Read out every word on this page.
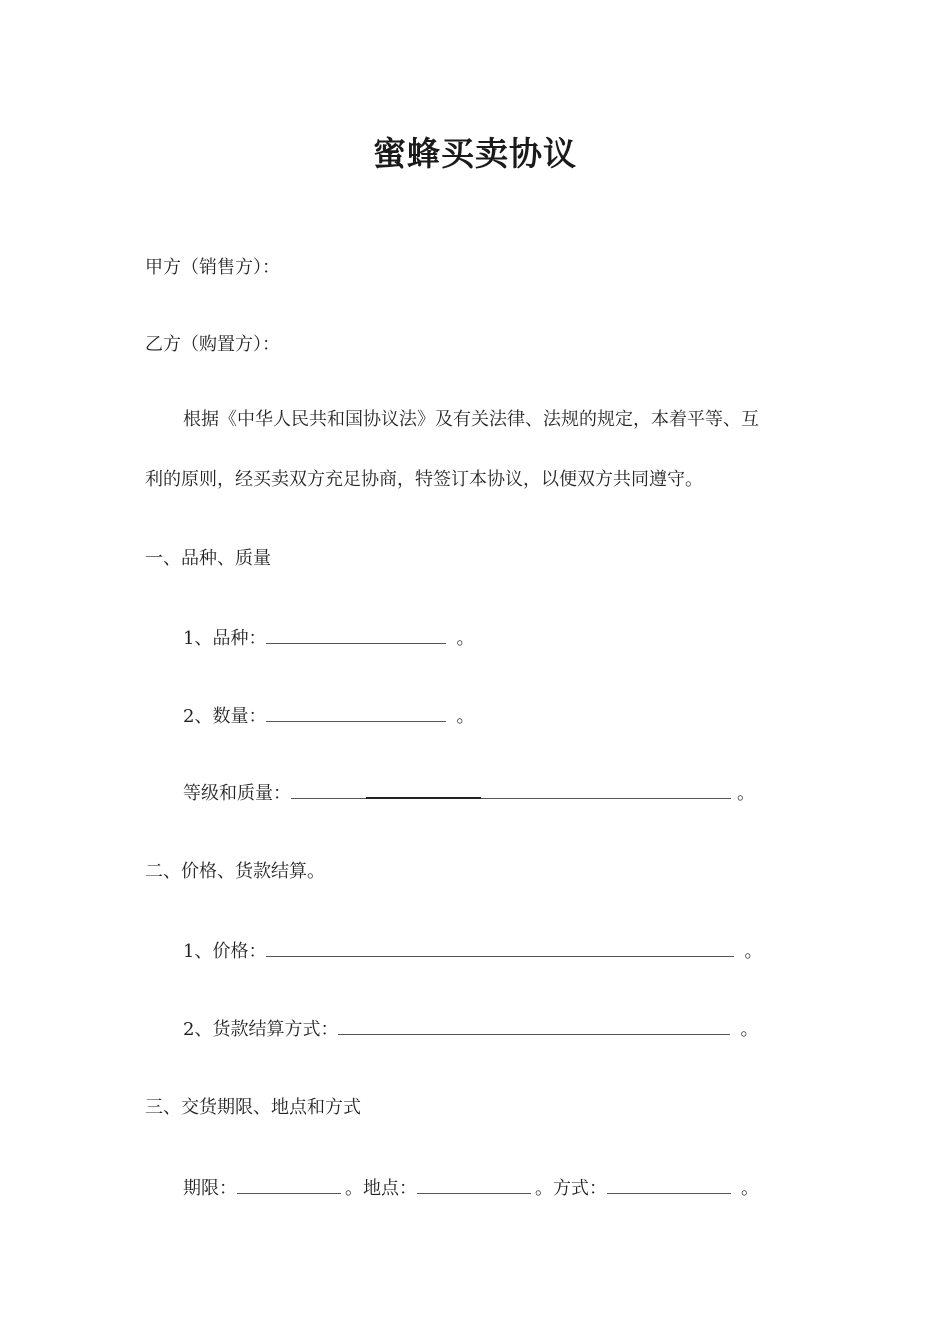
蜜蜂买卖协议
甲方（销售方）：
乙方（购置方）：
根据《中华人民共和国协议法》及有关法律、法规的规定，本着平等、互
利的原则，经买卖双方充足协商，特签订本协议，以便双方共同遵守。
一、品种、质量
1、品种：	。
2、数量：	。
等级和质量：	。
二、价格、货款结算。
1、价格：	。
2、货款结算方式：	。
三、交货期限、地点和方式
期限：	。地点：	。方式：	。
